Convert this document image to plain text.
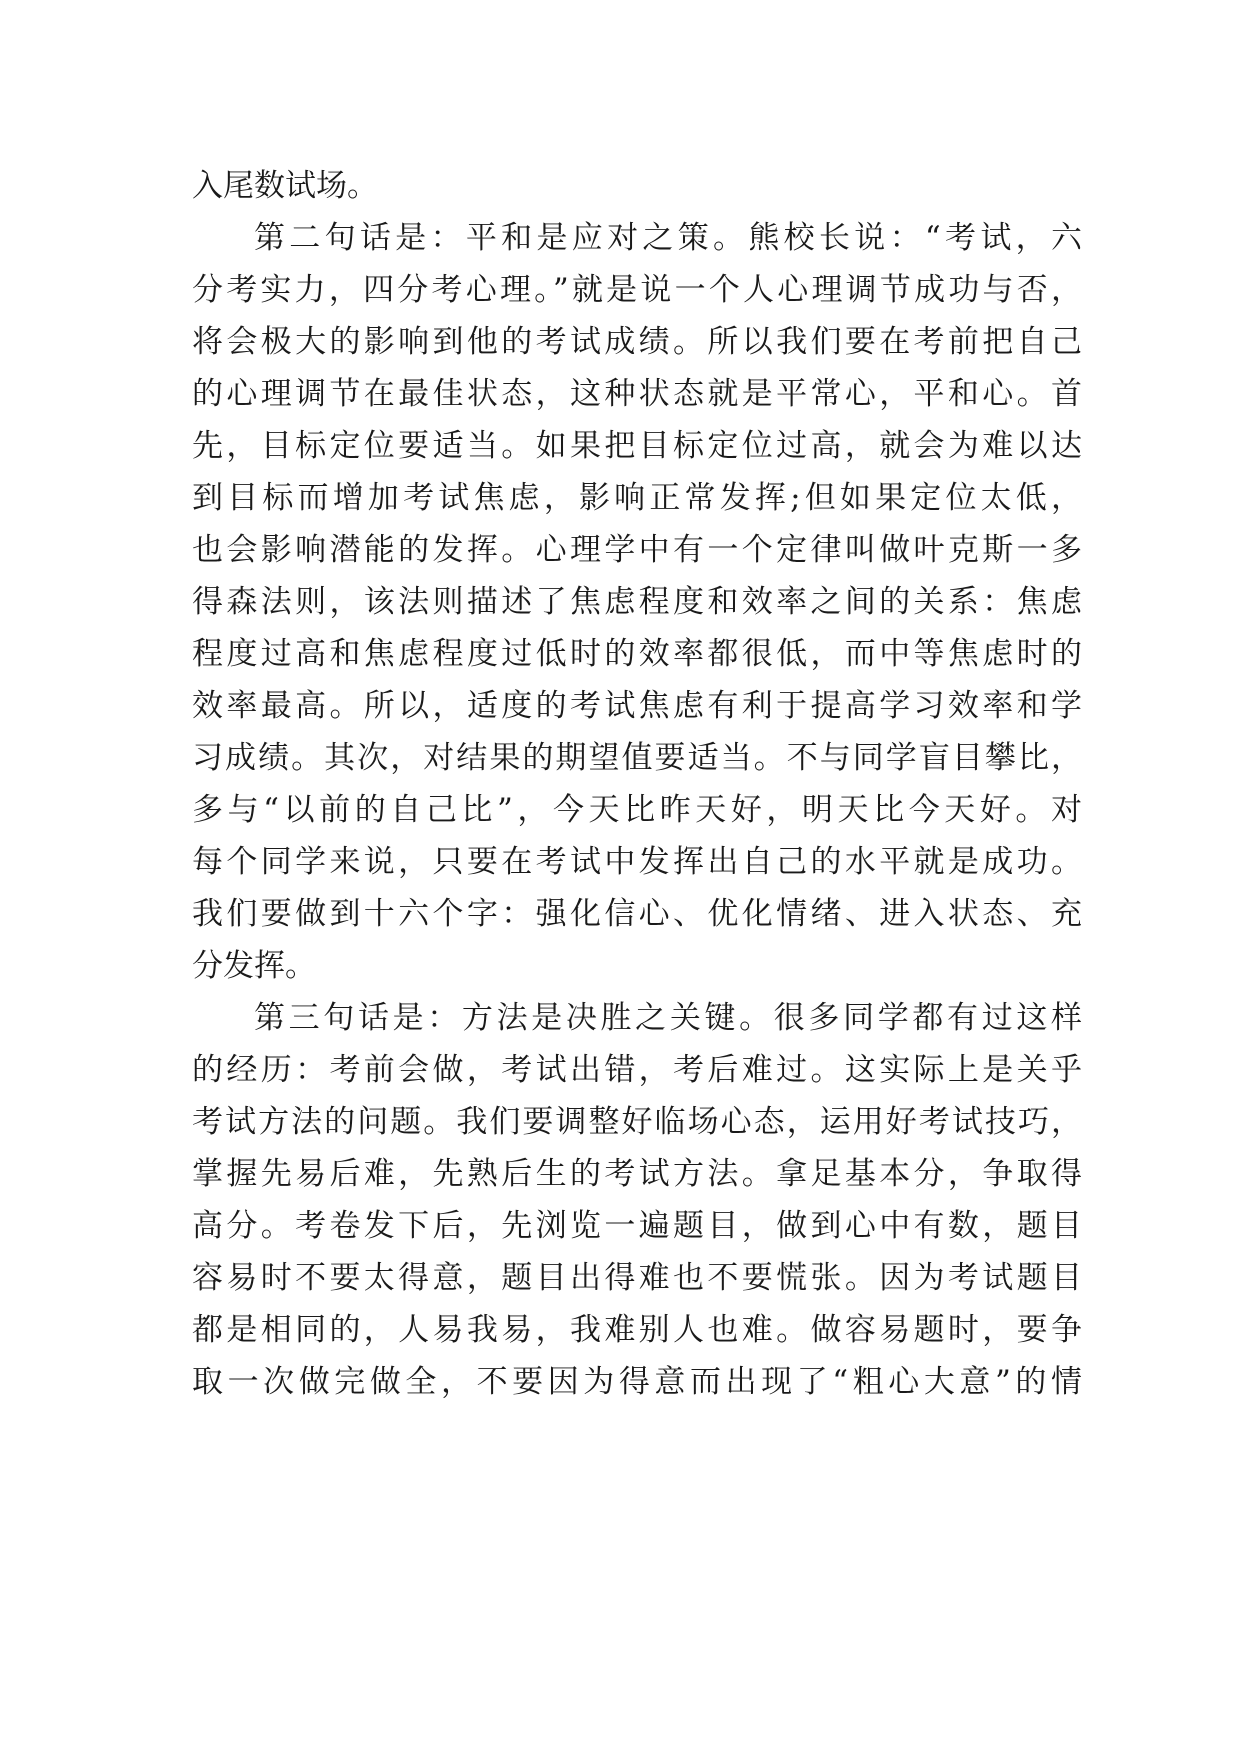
入尾数试场。
第二句话是：平和是应对之策。熊校长说：“考试，六
分考实力，四分考心理。”就是说一个人心理调节成功与否，
将会极大的影响到他的考试成绩。所以我们要在考前把自己
的心理调节在最佳状态，这种状态就是平常心，平和心。首
先，目标定位要适当。如果把目标定位过高，就会为难以达
到目标而增加考试焦虑，影响正常发挥;但如果定位太低，
也会影响潜能的发挥。心理学中有一个定律叫做叶克斯一多
得森法则，该法则描述了焦虑程度和效率之间的关系：焦虑
程度过高和焦虑程度过低时的效率都很低，而中等焦虑时的
效率最高。所以，适度的考试焦虑有利于提高学习效率和学
习成绩。其次，对结果的期望值要适当。不与同学盲目攀比，
多与“以前的自己比”，今天比昨天好，明天比今天好。对
每个同学来说，只要在考试中发挥出自己的水平就是成功。
我们要做到十六个字：强化信心、优化情绪、进入状态、充
分发挥。
第三句话是：方法是决胜之关键。很多同学都有过这样
的经历：考前会做，考试出错，考后难过。这实际上是关乎
考试方法的问题。我们要调整好临场心态，运用好考试技巧，
掌握先易后难，先熟后生的考试方法。拿足基本分，争取得
高分。考卷发下后，先浏览一遍题目，做到心中有数，题目
容易时不要太得意，题目出得难也不要慌张。因为考试题目
都是相同的，人易我易，我难别人也难。做容易题时，要争
取一次做完做全，不要因为得意而出现了“粗心大意”的情
